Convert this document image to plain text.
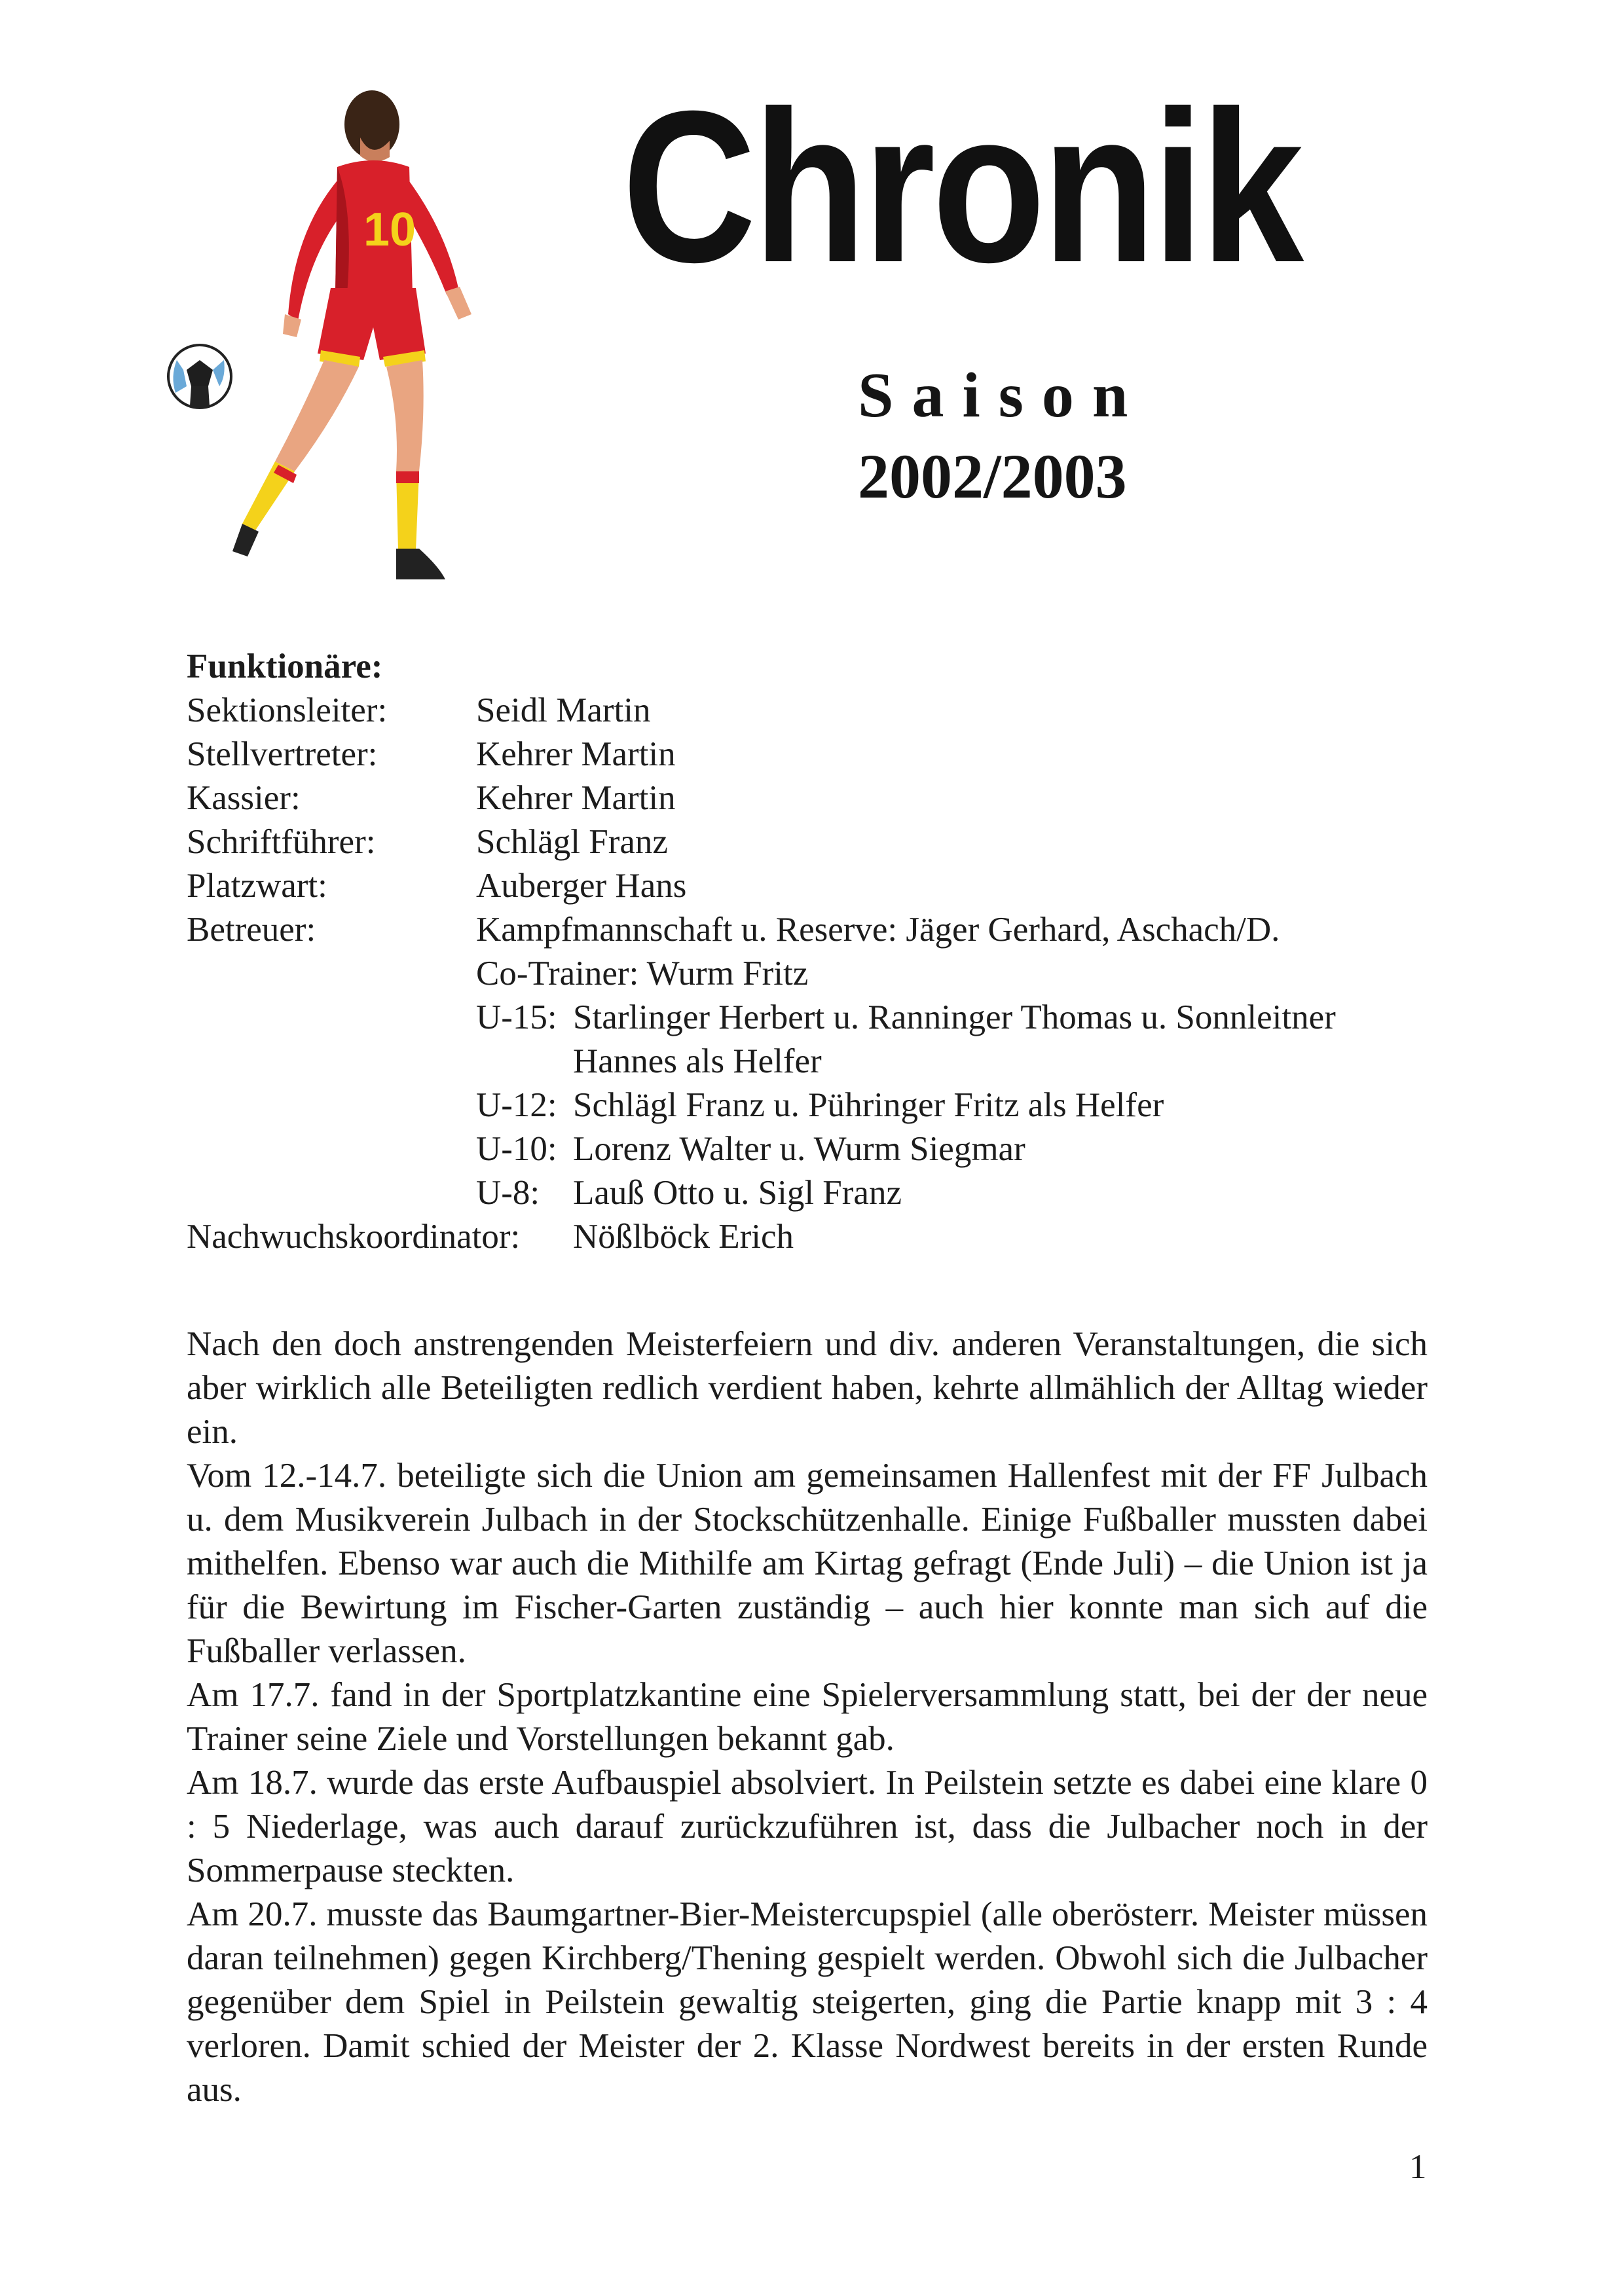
10 Chronik
Saison
2002/2003
Funktionäre:
Sektionsleiter:	Seidl Martin
Stellvertreter:	Kehrer Martin
Kassier:	Kehrer Martin
Schriftführer:	Schlägl Franz
Platzwart:	Auberger Hans
Betreuer:	Kampfmannschaft u. Reserve: Jäger Gerhard, Aschach/D.
Co-Trainer: Wurm Fritz
U-15: Starlinger Herbert u. Ranninger Thomas u. Sonnleitner
Hannes als Helfer
U-12: Schlägl Franz u. Pühringer Fritz als Helfer
U-10: Lorenz Walter u. Wurm Siegmar
U-8: Lauß Otto u. Sigl Franz
Nachwuchskoordinator: Nößlböck Erich

Nach den doch anstrengenden Meisterfeiern und div. anderen Veranstaltungen, die sich aber wirklich alle Beteiligten redlich verdient haben, kehrte allmählich der Alltag wieder ein.

Vom 12.-14.7. beteiligte sich die Union am gemeinsamen Hallenfest mit der FF Julbach u. dem Musikverein Julbach in der Stockschützenhalle. Einige Fußballer mussten dabei mithelfen. Ebenso war auch die Mithilfe am Kirtag gefragt (Ende Juli) – die Union ist ja für die Bewirtung im Fischer-Garten zuständig – auch hier konnte man sich auf die Fußballer verlassen.

Am 17.7. fand in der Sportplatzkantine eine Spielerversammlung statt, bei der der neue Trainer seine Ziele und Vorstellungen bekannt gab.

Am 18.7. wurde das erste Aufbauspiel absolviert. In Peilstein setzte es dabei eine klare 0 : 5 Niederlage, was auch darauf zurückzuführen ist, dass die Julbacher noch in der Sommerpause steckten.

Am 20.7. musste das Baumgartner-Bier-Meistercupspiel (alle oberösterr. Meister müssen daran teilnehmen) gegen Kirchberg/Thening gespielt werden. Obwohl sich die Julbacher gegenüber dem Spiel in Peilstein gewaltig steigerten, ging die Partie knapp mit 3 : 4 verloren. Damit schied der Meister der 2. Klasse Nordwest bereits in der ersten Runde aus.

1
